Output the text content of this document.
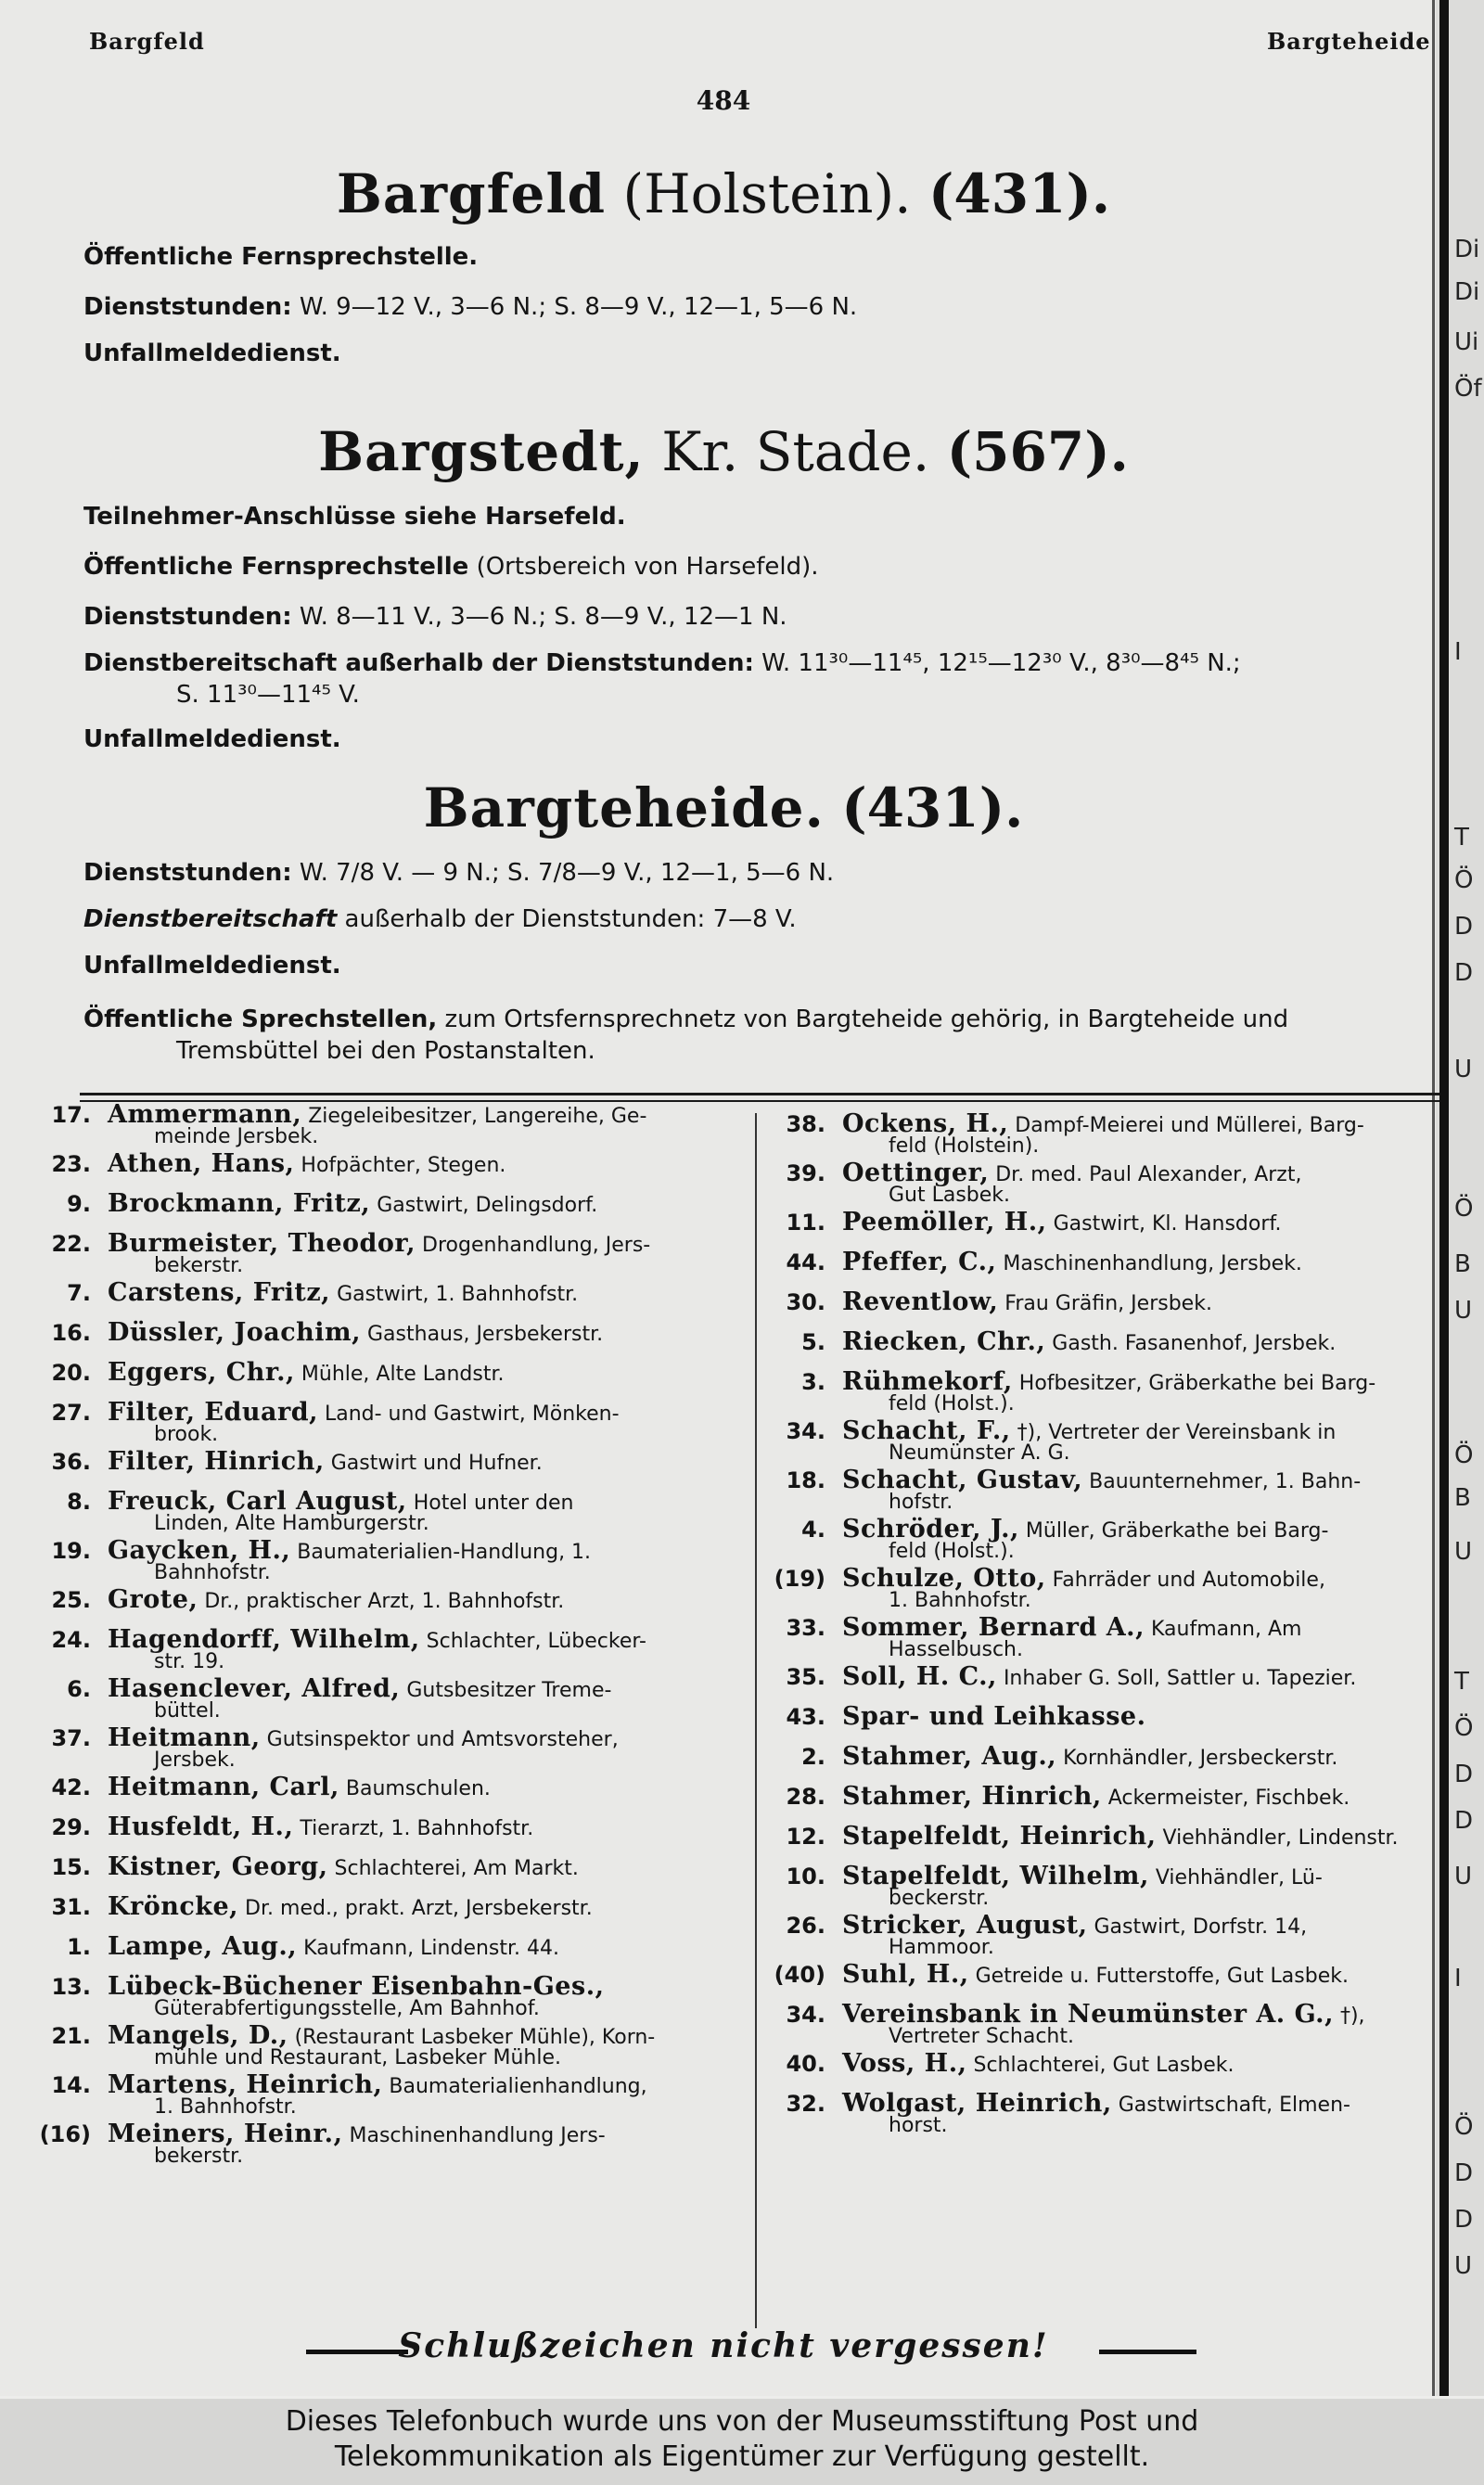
Di
Di
Ui
Öf
I
T
Ö
D
D
U
Ö
B
U
Ö
B
U
T
Ö
D
D
U
I
Ö
D
D
U
Bargfeld	Bargteheide
484
Bargfeld (Holstein). (431).
Öffentliche Fernsprechstelle.
Dienststunden: W. 9—12 V., 3—6 N.; S. 8—9 V., 12—1, 5—6 N.
Unfallmeldedienst.
Bargstedt, Kr. Stade. (567).
Teilnehmer-Anschlüsse siehe Harsefeld.
Öffentliche Fernsprechstelle (Ortsbereich von Harsefeld).
Dienststunden: W. 8—11 V., 3—6 N.; S. 8—9 V., 12—1 N.
Dienstbereitschaft außerhalb der Dienststunden: W. 11³⁰—11⁴⁵, 12¹⁵—12³⁰ V., 8³⁰—8⁴⁵ N.;
S. 11³⁰—11⁴⁵ V.
Unfallmeldedienst.
Bargteheide. (431).
Dienststunden: W. 7/8 V. — 9 N.; S. 7/8—9 V., 12—1, 5—6 N.
Dienstbereitschaft außerhalb der Dienststunden: 7—8 V.
Unfallmeldedienst.
Öffentliche Sprechstellen, zum Ortsfernsprechnetz von Bargteheide gehörig, in Bargteheide und
Tremsbüttel bei den Postanstalten.
17. Ammermann, Ziegeleibesitzer, Langereihe, Ge-
meinde Jersbek.
23. Athen, Hans, Hofpächter, Stegen.
9. Brockmann, Fritz, Gastwirt, Delingsdorf.
22. Burmeister, Theodor, Drogenhandlung, Jers-
bekerstr.
7. Carstens, Fritz, Gastwirt, 1. Bahnhofstr.
16. Düssler, Joachim, Gasthaus, Jersbekerstr.
20. Eggers, Chr., Mühle, Alte Landstr.
27. Filter, Eduard, Land- und Gastwirt, Mönken-
brook.
36. Filter, Hinrich, Gastwirt und Hufner.
8. Freuck, Carl August, Hotel unter den
Linden, Alte Hamburgerstr.
19. Gaycken, H., Baumaterialien-Handlung, 1.
Bahnhofstr.
25. Grote, Dr., praktischer Arzt, 1. Bahnhofstr.
24. Hagendorff, Wilhelm, Schlachter, Lübecker-
str. 19.
6. Hasenclever, Alfred, Gutsbesitzer Treme-
büttel.
37. Heitmann, Gutsinspektor und Amtsvorsteher,
Jersbek.
42. Heitmann, Carl, Baumschulen.
29. Husfeldt, H., Tierarzt, 1. Bahnhofstr.
15. Kistner, Georg, Schlachterei, Am Markt.
31. Kröncke, Dr. med., prakt. Arzt, Jersbekerstr.
1. Lampe, Aug., Kaufmann, Lindenstr. 44.
13. Lübeck-Büchener Eisenbahn-Ges.,
Güterabfertigungsstelle, Am Bahnhof.
21. Mangels, D., (Restaurant Lasbeker Mühle), Korn-
mühle und Restaurant, Lasbeker Mühle.
14. Martens, Heinrich, Baumaterialienhandlung,
1. Bahnhofstr.
(16) Meiners, Heinr., Maschinenhandlung Jers-
bekerstr.
38. Ockens, H., Dampf-Meierei und Müllerei, Barg-
feld (Holstein).
39. Oettinger, Dr. med. Paul Alexander, Arzt,
Gut Lasbek.
11. Peemöller, H., Gastwirt, Kl. Hansdorf.
44. Pfeffer, C., Maschinenhandlung, Jersbek.
30. Reventlow, Frau Gräfin, Jersbek.
5. Riecken, Chr., Gasth. Fasanenhof, Jersbek.
3. Rühmekorf, Hofbesitzer, Gräberkathe bei Barg-
feld (Holst.).
34. Schacht, F., †), Vertreter der Vereinsbank in
Neumünster A. G.
18. Schacht, Gustav, Bauunternehmer, 1. Bahn-
hofstr.
4. Schröder, J., Müller, Gräberkathe bei Barg-
feld (Holst.).
(19) Schulze, Otto, Fahrräder und Automobile,
1. Bahnhofstr.
33. Sommer, Bernard A., Kaufmann, Am
Hasselbusch.
35. Soll, H. C., Inhaber G. Soll, Sattler u. Tapezier.
43. Spar- und Leihkasse.
2. Stahmer, Aug., Kornhändler, Jersbeckerstr.
28. Stahmer, Hinrich, Ackermeister, Fischbek.
12. Stapelfeldt, Heinrich, Viehhändler, Lindenstr.
10. Stapelfeldt, Wilhelm, Viehhändler, Lü-
beckerstr.
26. Stricker, August, Gastwirt, Dorfstr. 14,
Hammoor.
(40) Suhl, H., Getreide u. Futterstoffe, Gut Lasbek.
34. Vereinsbank in Neumünster A. G., †),
Vertreter Schacht.
40. Voss, H., Schlachterei, Gut Lasbek.
32. Wolgast, Heinrich, Gastwirtschaft, Elmen-
horst.
Schlußzeichen nicht vergessen!
Dieses Telefonbuch wurde uns von der Museumsstiftung Post und
Telekommunikation als Eigentümer zur Verfügung gestellt.
